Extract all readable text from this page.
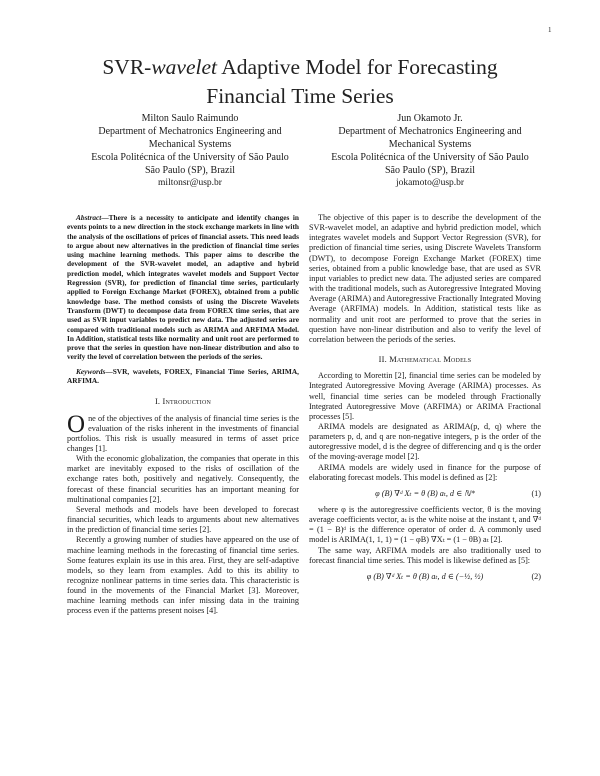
1
SVR-wavelet Adaptive Model for Forecasting
Financial Time Series
Milton Saulo Raimundo
Department of Mechatronics Engineering and
Mechanical Systems
Escola Politécnica of the University of São Paulo
São Paulo (SP), Brazil
miltonsr@usp.br
Jun Okamoto Jr.
Department of Mechatronics Engineering and
Mechanical Systems
Escola Politécnica of the University of São Paulo
São Paulo (SP), Brazil
jokamoto@usp.br

Abstract—There is a necessity to anticipate and identify changes in events points to a new direction in the stock exchange markets in line with the analysis of the oscillations of prices of financial assets. This need leads to argue about new alternatives in the prediction of financial time series using machine learning methods. This paper aims to describe the development of the SVR-wavelet model, an adaptive and hybrid prediction model, which integrates wavelet models and Support Vector Regression (SVR), for prediction of financial time series, particularly applied to Foreign Exchange Market (FOREX), obtained from a public knowledge base. The method consists of using the Discrete Wavelets Transform (DWT) to decompose data from FOREX time series, that are used as SVR input variables to predict new data. The adjusted series are compared with traditional models such as ARIMA and ARFIMA Model. In Addition, statistical tests like normality and unit root are performed to prove that the series in question have non-linear distribution and also to verify the level of correlation between the periods of the series.

Keywords—SVR, wavelets, FOREX, Financial Time Series, ARIMA, ARFIMA.

I. Introduction

One of the objectives of the analysis of financial time series is the evaluation of the risks inherent in the investments of financial portfolios. This risk is usually measured in terms of asset price changes [1].

With the economic globalization, the companies that operate in this market are inevitably exposed to the risks of oscillation of the exchange rates both, positively and negatively. Consequently, the forecast of these financial securities has an important meaning for multinational companies [2].

Several methods and models have been developed to forecast financial securities, which leads to arguments about new alternatives in the prediction of financial time series [2].

Recently a growing number of studies have appeared on the use of machine learning methods in the forecasting of financial time series. Some features explain its use in this area. First, they are self-adaptive models, so they learn from examples. Add to this its ability to recognize nonlinear patterns in time series data. This characteristic is found in the movements of the Financial Market [3]. Moreover, machine learning methods can infer missing data in the training process even if the patterns present noises [4].

The objective of this paper is to describe the development of the SVR-wavelet model, an adaptive and hybrid prediction model, which integrates wavelet models and Support Vector Regression (SVR), for prediction of financial time series, using Discrete Wavelets Transform (DWT), to decompose Foreign Exchange Market (FOREX) time series, obtained from a public knowledge base, that are used as SVR input variables to predict new data. The adjusted series are compared with the traditional models, such as Autoregressive Integrated Moving Average (ARIMA) and Autoregressive Fractionally Integrated Moving Average (ARFIMA) models. In Addition, statistical tests like as normality and unit root are performed to prove that the series in question have non-linear distribution and also to verify the level of correlation between the periods of the series.

II. Mathematical Models

According to Morettin [2], financial time series can be modeled by Integrated Autoregressive Moving Average (ARIMA) processes. As well, financial time series can be modeled through Fractionally Integrated Autoregressive Move (ARFIMA) or ARIMA Fractional processes [5].

ARIMA models are designated as ARIMA(p, d, q) where the parameters p, d, and q are non-negative integers, p is the order of the autoregressive model, d is the degree of differencing and q is the order of the moving-average model [2].

ARIMA models are widely used in finance for the purpose of elaborating forecast models. This model is defined as [2]:

φ (B) ∇ᵈ Xₜ = θ (B) aₜ, d ∈ ℕ*	(1)

where φ is the autoregressive coefficients vector, θ is the moving average coefficients vector, aₜ is the white noise at the instant t, and ∇ᵈ = (1 − B)ᵈ is the difference operator of order d. A commonly used model is ARIMA(1, 1, 1) = (1 − φB) ∇Xₜ = (1 − θB) aₜ [2].

The same way, ARFIMA models are also traditionally used to forecast financial time series. This model is likewise defined as [5]:

φ (B) ∇ᵈ Xₜ = θ (B) aₜ, d ∈ (−½, ½)	(2)
